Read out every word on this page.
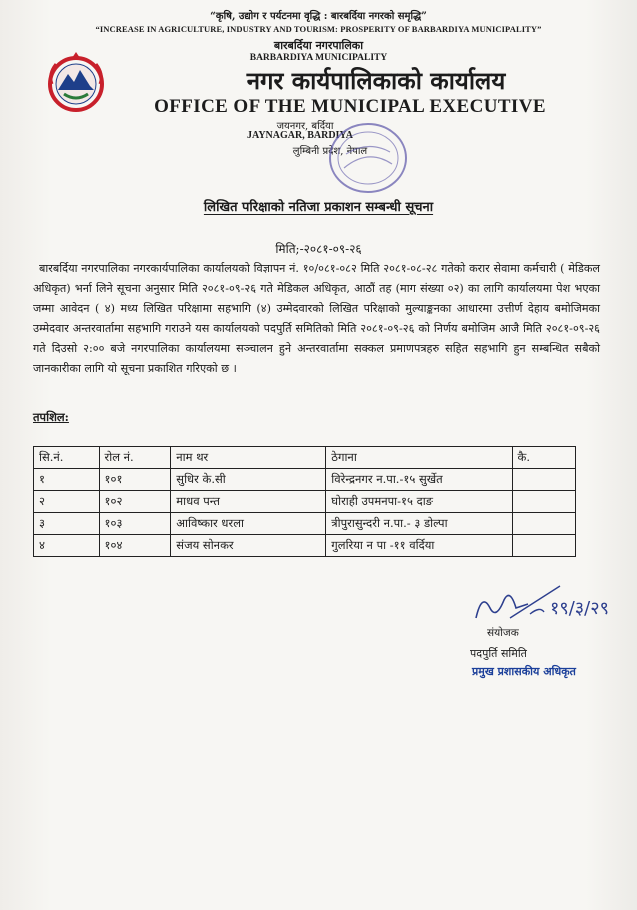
“कृषि, उद्योग र पर्यटनमा वृद्धि : बारबर्दिया नगरको समृद्धि”
“INCREASE IN AGRICULTURE, INDUSTRY AND TOURISM: PROSPERITY OF BARBARDIYA MUNICIPALITY”
बारबर्दिया नगरपालिका
BARBARDIYA MUNICIPALITY
नगर कार्यपालिकाको कार्यालय
OFFICE OF THE MUNICIPAL EXECUTIVE
जयनगर, बर्दिया
JAYNAGAR, BARDIYA
लुम्बिनी प्रदेश, नेपाल
लिखित परिक्षाको नतिजा प्रकाशन सम्बन्धी सूचना
मिति;-२०८१-०९-२६
बारबर्दिया नगरपालिका नगरकार्यपालिका कार्यालयको विज्ञापन नं. १०/०८१-०८२ मिति २०८१-०८-२८ गतेको करार सेवामा कर्मचारी ( मेडिकल अधिकृत) भर्ना लिने सूचना अनुसार मिति २०८१-०९-२६ गते मेडिकल अधिकृत, आठौं तह (माग संख्या ०२) का लागि कार्यालयमा पेश भएका जम्मा आवेदन ( ४) मध्य लिखित परिक्षामा सहभागि (४) उम्मेदवारको लिखित परिक्षाको मुल्याङ्कनका आधारमा उत्तीर्ण देहाय बमोजिमका उम्मेदवार अन्तरवार्तामा सहभागि गराउने यस कार्यालयको पदपुर्ति समितिको मिति २०८१-०९-२६ को निर्णय बमोजिम आजै मिति २०८१-०९-२६ गते दिउसो २:०० बजे नगरपालिका कार्यालयमा सञ्चालन हुने अन्तरवार्तामा सक्कल प्रमाणपत्रहरु सहित सहभागि हुन सम्बन्धित सबैको जानकारीका लागि यो सूचना प्रकाशित गरिएको छ ।
तपशिल:
सि.नं.	रोल नं.	नाम थर	ठेगाना	कै.
१	१०१	सुधिर के.सी	विरेन्द्रनगर न.पा.-१५ सुर्खेत	
२	१०२	माधव पन्त	घोराही उपमनपा-१५ दाङ	
३	१०३	आविष्कार धरला	त्रीपुरासुन्दरी न.पा.- ३ डोल्पा	
४	१०४	संजय सोनकर	गुलरिया न पा -११ वर्दिया	
१९/३/२९
संयोजक
पदपुर्ति समिति
प्रमुख प्रशासकीय अधिकृत
